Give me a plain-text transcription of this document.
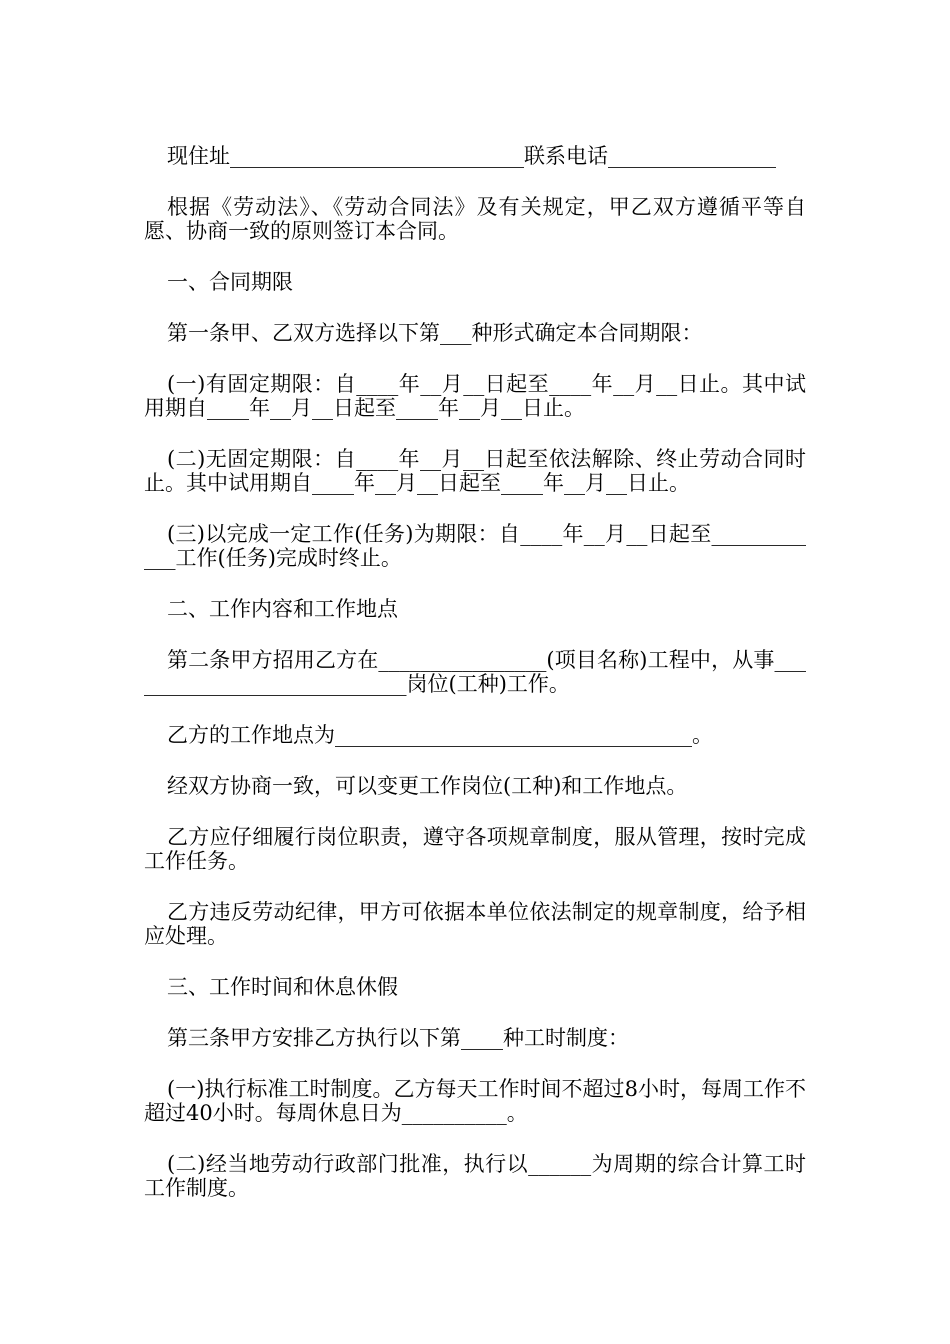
现住址____________________________联系电话________________

根据《劳动法》、《劳动合同法》及有关规定，甲乙双方遵循平等自愿、协商一致的原则签订本合同。

一、合同期限

第一条甲、乙双方选择以下第___种形式确定本合同期限：

(一)有固定期限：自____年__月__日起至____年__月__日止。其中试用期自____年__月__日起至____年__月__日止。

(二)无固定期限：自____年__月__日起至依法解除、终止劳动合同时止。其中试用期自____年__月__日起至____年__月__日止。

(三)以完成一定工作(任务)为期限：自____年__月__日起至____________工作(任务)完成时终止。

二、工作内容和工作地点

第二条甲方招用乙方在________________(项目名称)工程中，从事____________________________岗位(工种)工作。

乙方的工作地点为__________________________________。

经双方协商一致，可以变更工作岗位(工种)和工作地点。

乙方应仔细履行岗位职责，遵守各项规章制度，服从管理，按时完成工作任务。

乙方违反劳动纪律，甲方可依据本单位依法制定的规章制度，给予相应处理。

三、工作时间和休息休假

第三条甲方安排乙方执行以下第____种工时制度：

(一)执行标准工时制度。乙方每天工作时间不超过8小时，每周工作不超过40小时。每周休息日为__________。

(二)经当地劳动行政部门批准，执行以______为周期的综合计算工时工作制度。
